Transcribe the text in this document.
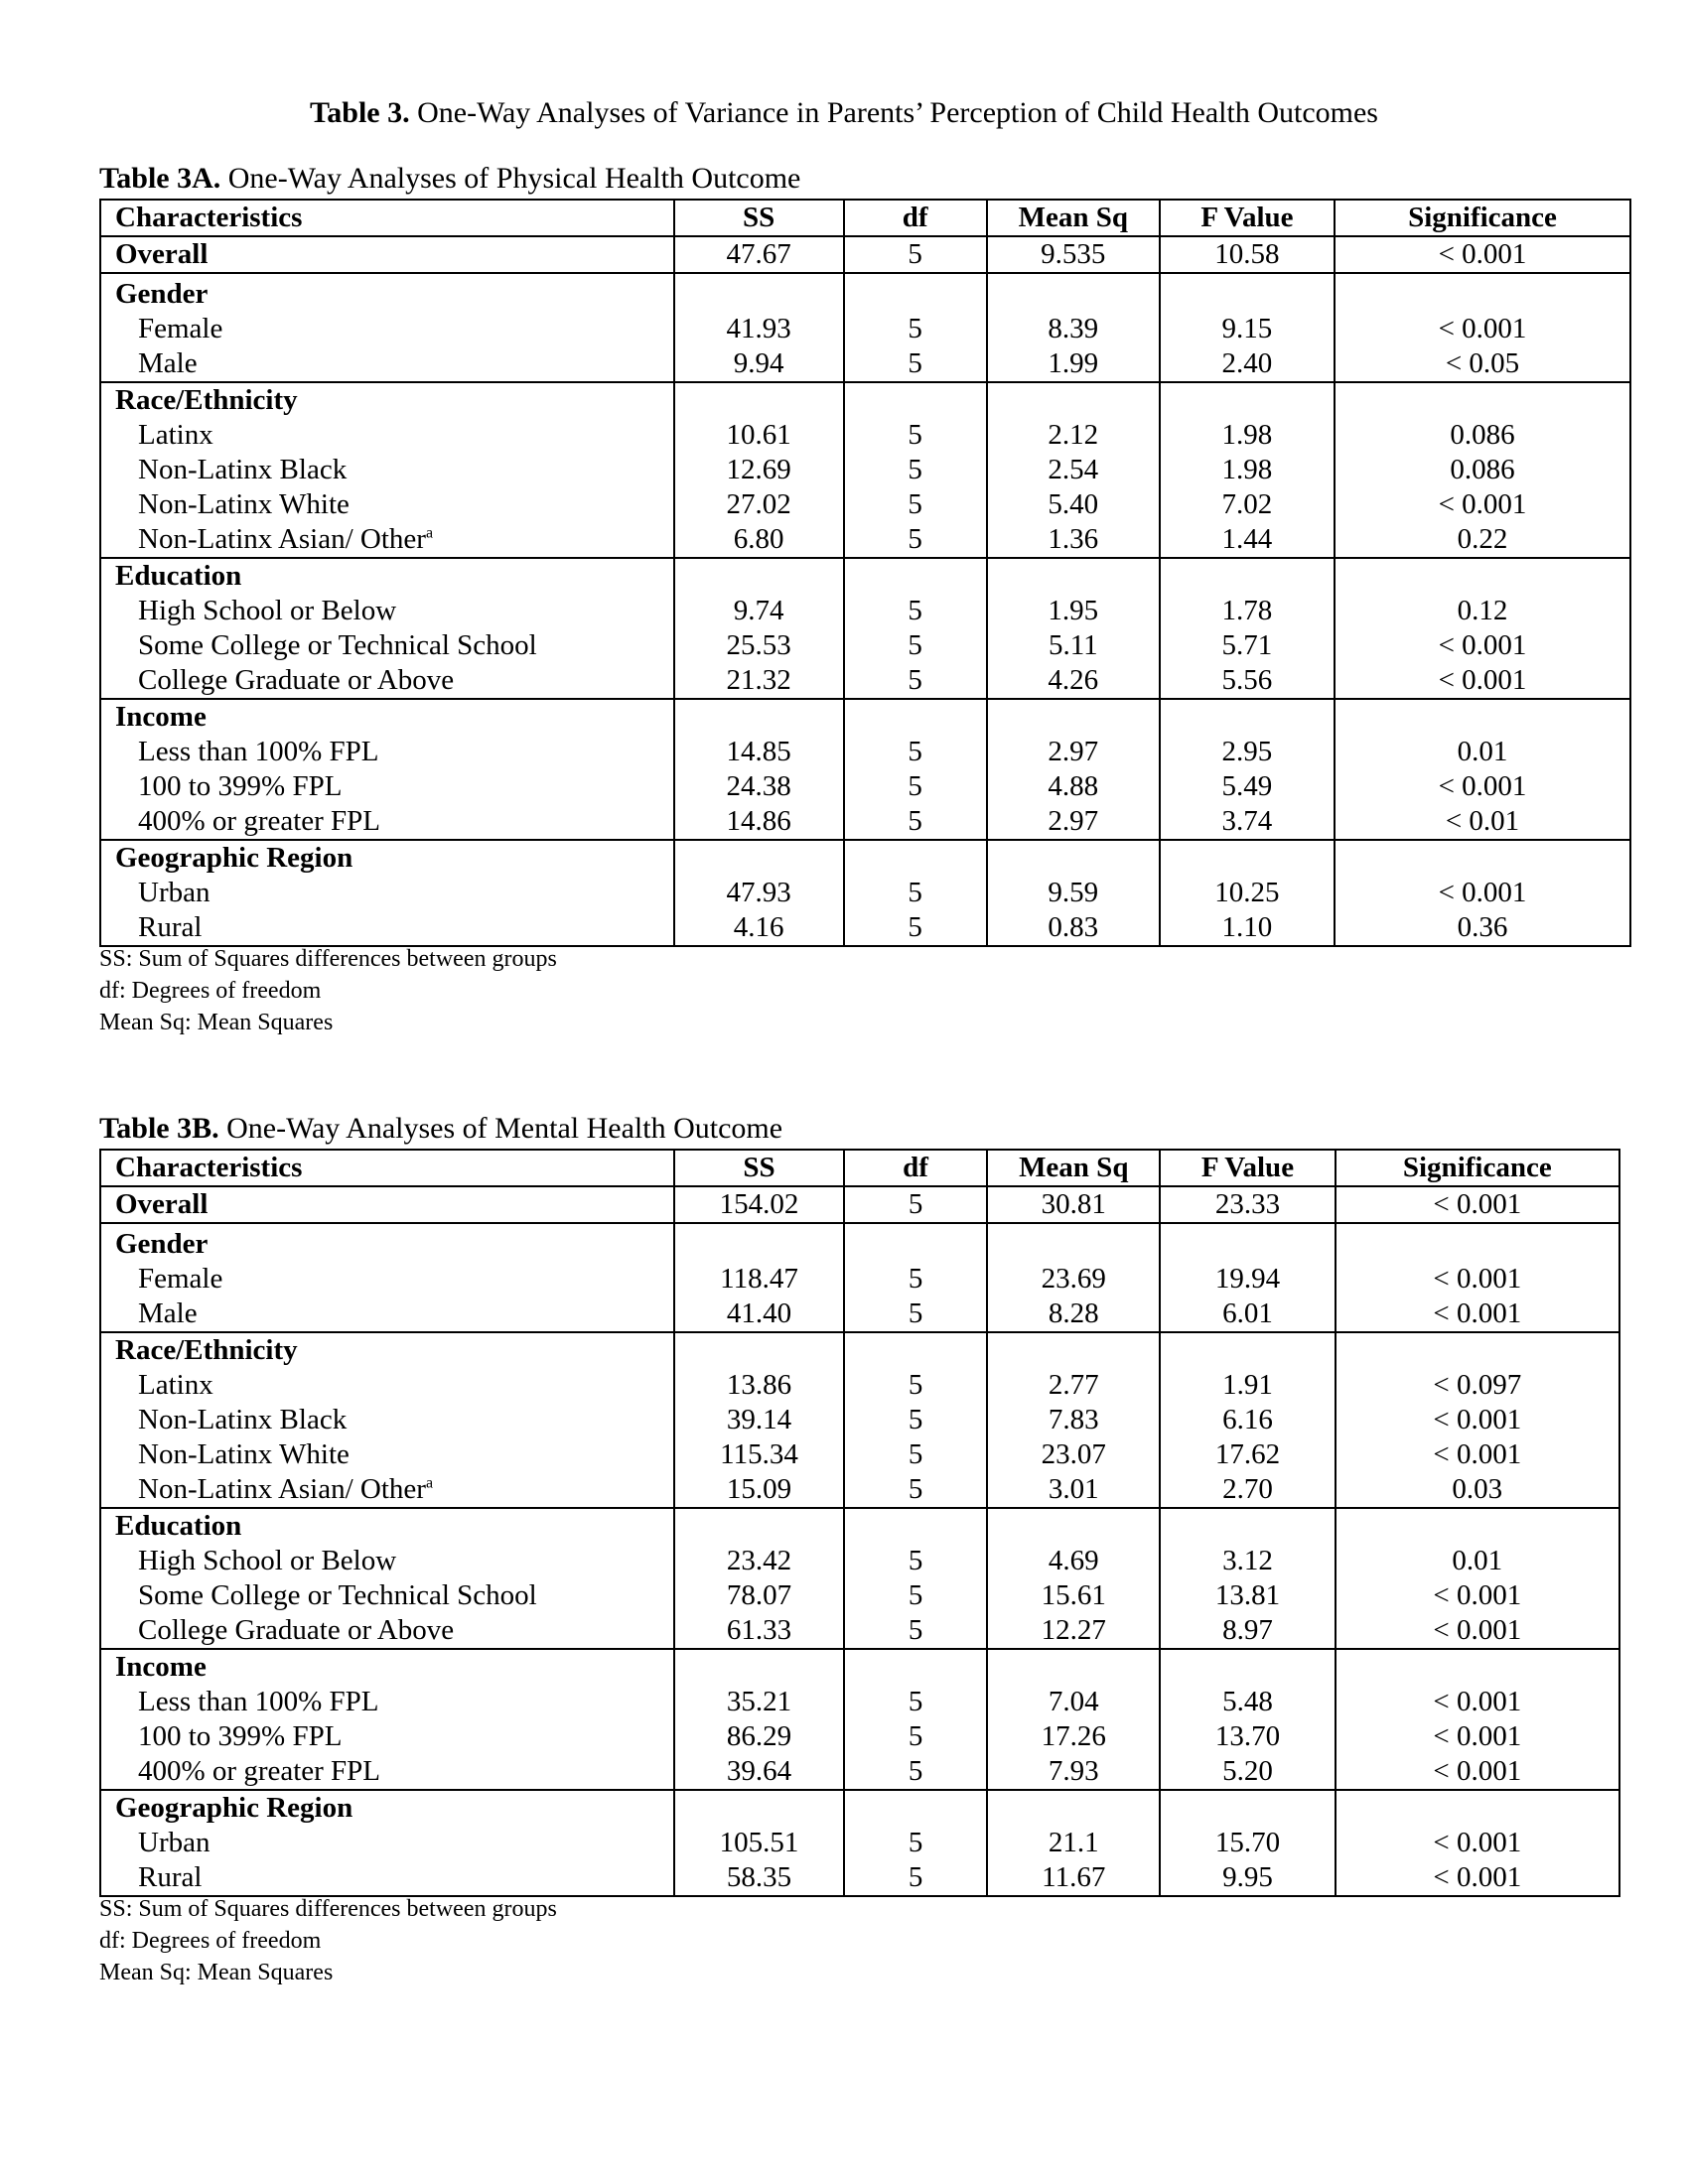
Table 3. One-Way Analyses of Variance in Parents’ Perception of Child Health Outcomes
Table 3A. One-Way Analyses of Physical Health Outcome
Characteristics	SS	df	Mean Sq	F Value	Significance
Overall	47.67	5	9.535	10.58	< 0.001

Gender					
Female	41.93	5	8.39	9.15	< 0.001
Male	9.94	5	1.99	2.40	< 0.05
Race/Ethnicity					
Latinx	10.61	5	2.12	1.98	0.086
Non-Latinx Black	12.69	5	2.54	1.98	0.086
Non-Latinx White	27.02	5	5.40	7.02	< 0.001
Non-Latinx Asian/ Other$^a$	6.80	5	1.36	1.44	0.22
Education					
High School or Below	9.74	5	1.95	1.78	0.12
Some College or Technical School	25.53	5	5.11	5.71	< 0.001
College Graduate or Above	21.32	5	4.26	5.56	< 0.001
Income					
Less than 100% FPL	14.85	5	2.97	2.95	0.01
100 to 399% FPL	24.38	5	4.88	5.49	< 0.001
400% or greater FPL	14.86	5	2.97	3.74	< 0.01
Geographic Region					
Urban	47.93	5	9.59	10.25	< 0.001
Rural	4.16	5	0.83	1.10	0.36
SS: Sum of Squares differences between groups
df: Degrees of freedom
Mean Sq: Mean Squares
Table 3B. One-Way Analyses of Mental Health Outcome
Characteristics	SS	df	Mean Sq	F Value	Significance
Overall	154.02	5	30.81	23.33	< 0.001

Gender					
Female	118.47	5	23.69	19.94	< 0.001
Male	41.40	5	8.28	6.01	< 0.001
Race/Ethnicity					
Latinx	13.86	5	2.77	1.91	< 0.097
Non-Latinx Black	39.14	5	7.83	6.16	< 0.001
Non-Latinx White	115.34	5	23.07	17.62	< 0.001
Non-Latinx Asian/ Other$^a$	15.09	5	3.01	2.70	0.03
Education					
High School or Below	23.42	5	4.69	3.12	0.01
Some College or Technical School	78.07	5	15.61	13.81	< 0.001
College Graduate or Above	61.33	5	12.27	8.97	< 0.001
Income					
Less than 100% FPL	35.21	5	7.04	5.48	< 0.001
100 to 399% FPL	86.29	5	17.26	13.70	< 0.001
400% or greater FPL	39.64	5	7.93	5.20	< 0.001
Geographic Region					
Urban	105.51	5	21.1	15.70	< 0.001
Rural	58.35	5	11.67	9.95	< 0.001
SS: Sum of Squares differences between groups
df: Degrees of freedom
Mean Sq: Mean Squares
